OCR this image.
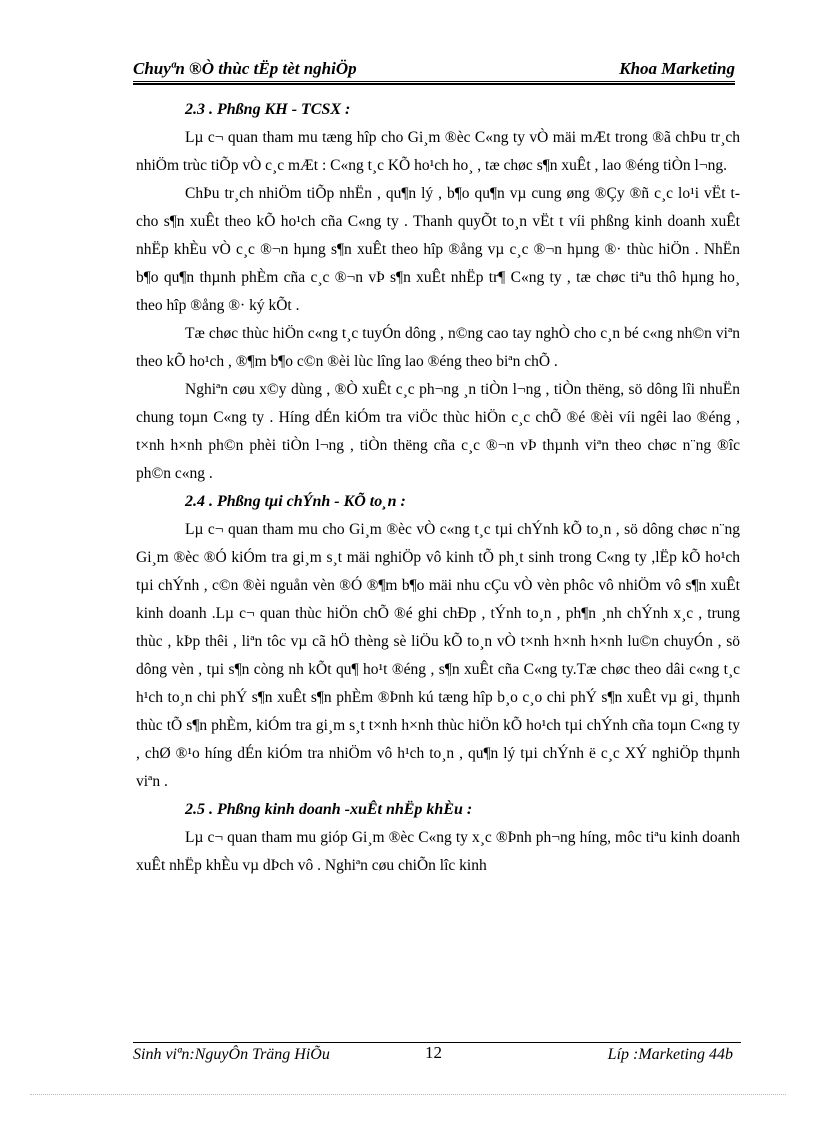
Chuyªn ®Ò thùc tËp tèt nghiÖp	Khoa Marketing
2.3 . Phßng KH - TCSX :

Lµ c¬ quan tham mu tæng hîp cho Gi¸m ®èc C«ng ty vÒ mäi mÆt trong ®ã chÞu tr¸ch nhiÖm trùc tiÕp vÒ c¸c mÆt : C«ng t¸c KÕ ho¹ch ho¸ , tæ chøc s¶n xuÊt , lao ®éng tiÒn l¬ng.

ChÞu tr¸ch nhiÖm tiÕp nhËn , qu¶n lý , b¶o qu¶n vµ cung øng ®Çy ®ñ c¸c lo¹i vËt t cho s¶n xuÊt theo kÕ ho¹ch cña C«ng ty . Thanh quyÕt to¸n vËt t víi phßng kinh doanh xuÊt nhËp khÈu vÒ c¸c ®¬n hµng s¶n xuÊt theo hîp ®ång vµ c¸c ®¬n hµng ®· thùc hiÖn . NhËn b¶o qu¶n thµnh phÈm cña c¸c ®¬n vÞ s¶n xuÊt nhËp tr¶ C«ng ty , tæ chøc tiªu thô hµng ho¸ theo hîp ®ång ®· ký kÕt .

Tæ chøc thùc hiÖn c«ng t¸c tuyÓn dông , n©ng cao tay nghÒ cho c¸n bé c«ng nh©n viªn theo kÕ ho¹ch , ®¶m b¶o c©n ®èi lùc lîng lao ®éng theo biªn chÕ .

Nghiªn cøu x©y dùng , ®Ò xuÊt c¸c ph¬ng ¸n tiÒn l¬ng , tiÒn thëng, sö dông lîi nhuËn chung toµn C«ng ty . Híng dÉn kiÓm tra viÖc thùc hiÖn c¸c chÕ ®é ®èi víi ngêi lao ®éng , t×nh h×nh ph©n phèi tiÒn l¬ng , tiÒn thëng cña c¸c ®¬n vÞ thµnh viªn theo chøc n¨ng ®îc ph©n c«ng .

2.4 . Phßng tµi chÝnh - KÕ to¸n :

Lµ c¬ quan tham mu cho Gi¸m ®èc vÒ c«ng t¸c tµi chÝnh kÕ to¸n , sö dông chøc n¨ng Gi¸m ®èc ®Ó kiÓm tra gi¸m s¸t mäi nghiÖp vô kinh tÕ ph¸t sinh trong C«ng ty ,lËp kÕ ho¹ch tµi chÝnh , c©n ®èi nguån vèn ®Ó ®¶m b¶o mäi nhu cÇu vÒ vèn phôc vô nhiÖm vô s¶n xuÊt kinh doanh .Lµ c¬ quan thùc hiÖn chÕ ®é ghi chÐp , tÝnh to¸n , ph¶n ¸nh chÝnh x¸c , trung thùc , kÞp thêi , liªn tôc vµ cã hÖ thèng sè liÖu kÕ to¸n vÒ t×nh h×nh h×nh lu©n chuyÓn , sö dông vèn , tµi s¶n còng nh kÕt qu¶ ho¹t ®éng , s¶n xuÊt cña C«ng ty.Tæ chøc theo dâi c«ng t¸c h¹ch to¸n chi phÝ s¶n xuÊt s¶n phÈm ®Þnh kú tæng hîp b¸o c¸o chi phÝ s¶n xuÊt vµ gi¸ thµnh thùc tÕ s¶n phÈm, kiÓm tra gi¸m s¸t t×nh h×nh thùc hiÖn kÕ ho¹ch tµi chÝnh cña toµn C«ng ty , chØ ®¹o híng dÉn kiÓm tra nhiÖm vô h¹ch to¸n , qu¶n lý tµi chÝnh ë c¸c XÝ nghiÖp thµnh viªn .

2.5 . Phßng kinh doanh -xuÊt nhËp khÈu :

Lµ c¬ quan tham mu gióp Gi¸m ®èc C«ng ty x¸c ®Þnh ph¬ng híng, môc tiªu kinh doanh xuÊt nhËp khÈu vµ dÞch vô . Nghiªn cøu chiÕn lîc kinh

Sinh viªn:NguyÔn Träng HiÕu	12	Líp :Marketing 44b
